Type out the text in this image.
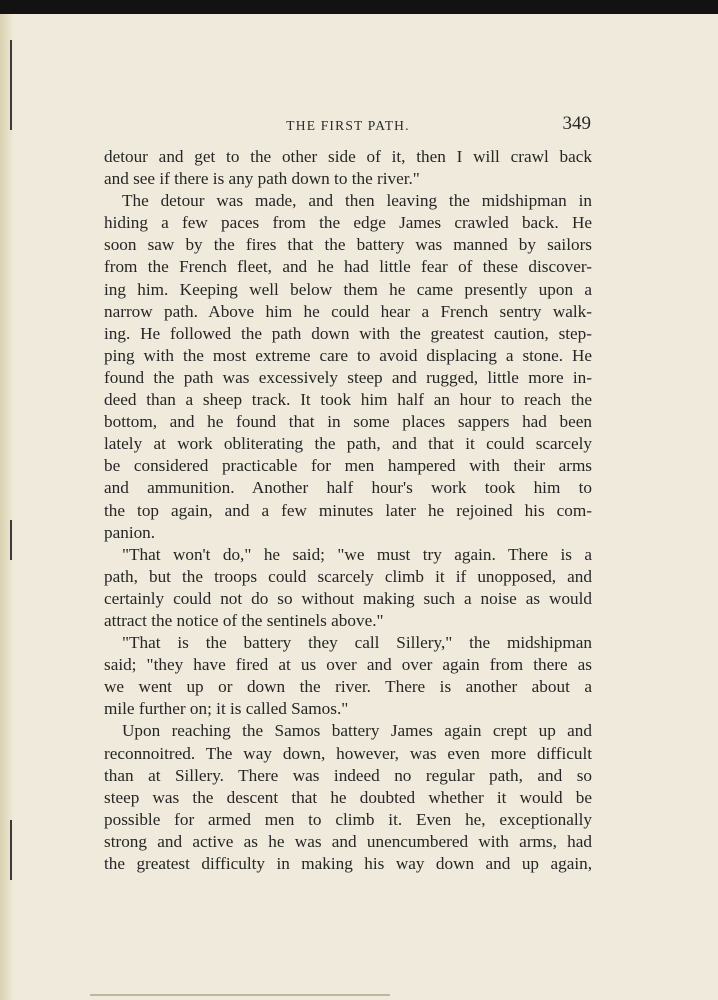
THE FIRST PATH.	349
detour and get to the other side of it, then I will crawl back
and see if there is any path down to the river."
The detour was made, and then leaving the midshipman in
hiding a few paces from the edge James crawled back. He
soon saw by the fires that the battery was manned by sailors
from the French fleet, and he had little fear of these discover-
ing him. Keeping well below them he came presently upon a
narrow path. Above him he could hear a French sentry walk-
ing. He followed the path down with the greatest caution, step-
ping with the most extreme care to avoid displacing a stone. He
found the path was excessively steep and rugged, little more in-
deed than a sheep track. It took him half an hour to reach the
bottom, and he found that in some places sappers had been
lately at work obliterating the path, and that it could scarcely
be considered practicable for men hampered with their arms
and ammunition. Another half hour's work took him to
the top again, and a few minutes later he rejoined his com-
panion.
"That won't do," he said; "we must try again. There is a
path, but the troops could scarcely climb it if unopposed, and
certainly could not do so without making such a noise as would
attract the notice of the sentinels above."
"That is the battery they call Sillery," the midshipman
said; "they have fired at us over and over again from there as
we went up or down the river. There is another about a
mile further on; it is called Samos."
Upon reaching the Samos battery James again crept up and
reconnoitred. The way down, however, was even more difficult
than at Sillery. There was indeed no regular path, and so
steep was the descent that he doubted whether it would be
possible for armed men to climb it. Even he, exceptionally
strong and active as he was and unencumbered with arms, had
the greatest difficulty in making his way down and up again,
